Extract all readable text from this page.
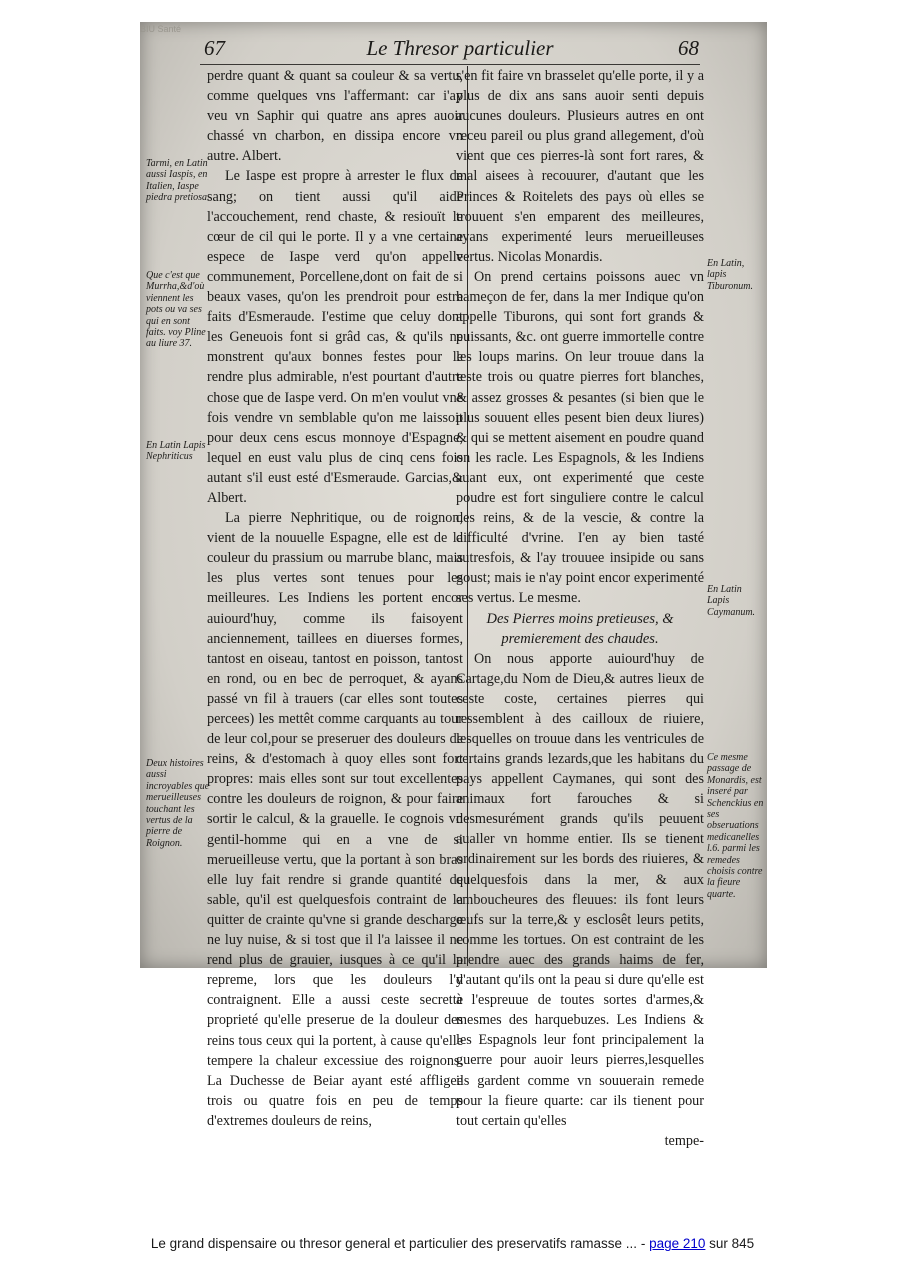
BIU Santé
67	Le Thresor particulier	68
Tarmi, en Latin aussi Iaspis, en Italien, Iaspe piedra pretiosa.
Que c'est que Murrha,&d'où viennent les pots ou va ses qui en sont faits. voy Pline au liure 37.
En Latin Lapis Nephriticus
Deux histoires aussi incroyables que merueilleuses touchant les vertus de la pierre de Roignon.
En Latin, lapis Tiburonum.
En Latin Lapis Caymanum.
Ce mesme passage de Monardis, est inseré par Schenckius en ses obseruations medicanelles l.6. parmi les remedes choisis contre la fieure quarte.

perdre quant & quant sa couleur & sa vertu, comme quelques vns l'affermant: car i'ay veu vn Saphir qui quatre ans apres auoir chassé vn charbon, en dissipa encore vn autre. Albert.

Le Iaspe est propre à arrester le flux de sang; on tient aussi qu'il aide l'accouchement, rend chaste, & resiouït le cœur de cil qui le porte. Il y a vne certaine espece de Iaspe verd qu'on appelle communement, Porcellene,dont on fait de si beaux vases, qu'on les prendroit pour estre faits d'Esmeraude. I'estime que celuy dont les Geneuois font si grâd cas, & qu'ils ne monstrent qu'aux bonnes festes pour le rendre plus admirable, n'est pourtant d'autre chose que de Iaspe verd. On m'en voulut vne fois vendre vn semblable qu'on me laissoit pour deux cens escus monnoye d'Espagne, lequel en eust valu plus de cinq cens fois autant s'il eust esté d'Esmeraude. Garcias,& Albert.

La pierre Nephritique, ou de roignon, vient de la nouuelle Espagne, elle est de la couleur du prassium ou marrube blanc, mais les plus vertes sont tenues pour les meilleures. Les Indiens les portent encor auiourd'huy, comme ils faisoyent anciennement, taillees en diuerses formes, tantost en oiseau, tantost en poisson, tantost en rond, ou en bec de perroquet, & ayans passé vn fil à trauers (car elles sont toutes percees) les mettêt comme carquants au tour de leur col,pour se preseruer des douleurs de reins, & d'estomach à quoy elles sont fort propres: mais elles sont sur tout excellentes contre les douleurs de roignon, & pour faire sortir le calcul, & la grauelle. Ie cognois vn gentil-homme qui en a vne de si merueilleuse vertu, que la portant à son bras elle luy fait rendre si grande quantité de sable, qu'il est quelquesfois contraint de la quitter de crainte qu'vne si grande descharge ne luy nuise, & si tost que il l'a laissee il ne rend plus de grauier, iusques à ce qu'il la repreme, lors que les douleurs l'y contraignent. Elle a aussi ceste secrette proprieté qu'elle preserue de la douleur des reins tous ceux qui la portent, à cause qu'elle tempere la chaleur excessiue des roignons. La Duchesse de Beiar ayant esté affligee trois ou quatre fois en peu de temps d'extremes douleurs de reins,

s'en fit faire vn brasselet qu'elle porte, il y a plus de dix ans sans auoir senti depuis aucunes douleurs. Plusieurs autres en ont receu pareil ou plus grand allegement, d'où vient que ces pierres-là sont fort rares, & mal aisees à recouurer, d'autant que les Princes & Roitelets des pays où elles se trouuent s'en emparent des meilleures, ayans experimenté leurs merueilleuses vertus. Nicolas Monardis.

On prend certains poissons auec vn hameçon de fer, dans la mer Indique qu'on appelle Tiburons, qui sont fort grands & puissants, &c. ont guerre immortelle contre les loups marins. On leur trouue dans la teste trois ou quatre pierres fort blanches, & assez grosses & pesantes (si bien que le plus souuent elles pesent bien deux liures) & qui se mettent aisement en poudre quand on les racle. Les Espagnols, & les Indiens auant eux, ont experimenté que ceste poudre est fort singuliere contre le calcul des reins, & de la vescie, & contre la difficulté d'vrine. I'en ay bien tasté autresfois, & l'ay trouuee insipide ou sans goust; mais ie n'ay point encor experimenté ses vertus. Le mesme.

Des Pierres moins pretieuses, & premierement des chaudes.

On nous apporte auiourd'huy de Cartage,du Nom de Dieu,& autres lieux de ceste coste, certaines pierres qui ressemblent à des cailloux de riuiere, lesquelles on trouue dans les ventricules de certains grands lezards,que les habitans du pays appellent Caymanes, qui sont des animaux fort farouches & si desmesurément grands qu'ils peuuent aualler vn homme entier. Ils se tienent ordinairement sur les bords des riuieres, & quelquesfois dans la mer, & aux emboucheures des fleuues: ils font leurs œufs sur la terre,& y esclosêt leurs petits, comme les tortues. On est contraint de les prendre auec des grands haims de fer, d'autant qu'ils ont la peau si dure qu'elle est à l'espreuue de toutes sortes d'armes,& mesmes des harquebuzes. Les Indiens & les Espagnols leur font principalement la guerre pour auoir leurs pierres,lesquelles ils gardent comme vn souuerain remede pour la fieure quarte: car ils tienent pour tout certain qu'elles

tempe-

Le grand dispensaire ou thresor general et particulier des preservatifs ramasse ... - page 210 sur 845
